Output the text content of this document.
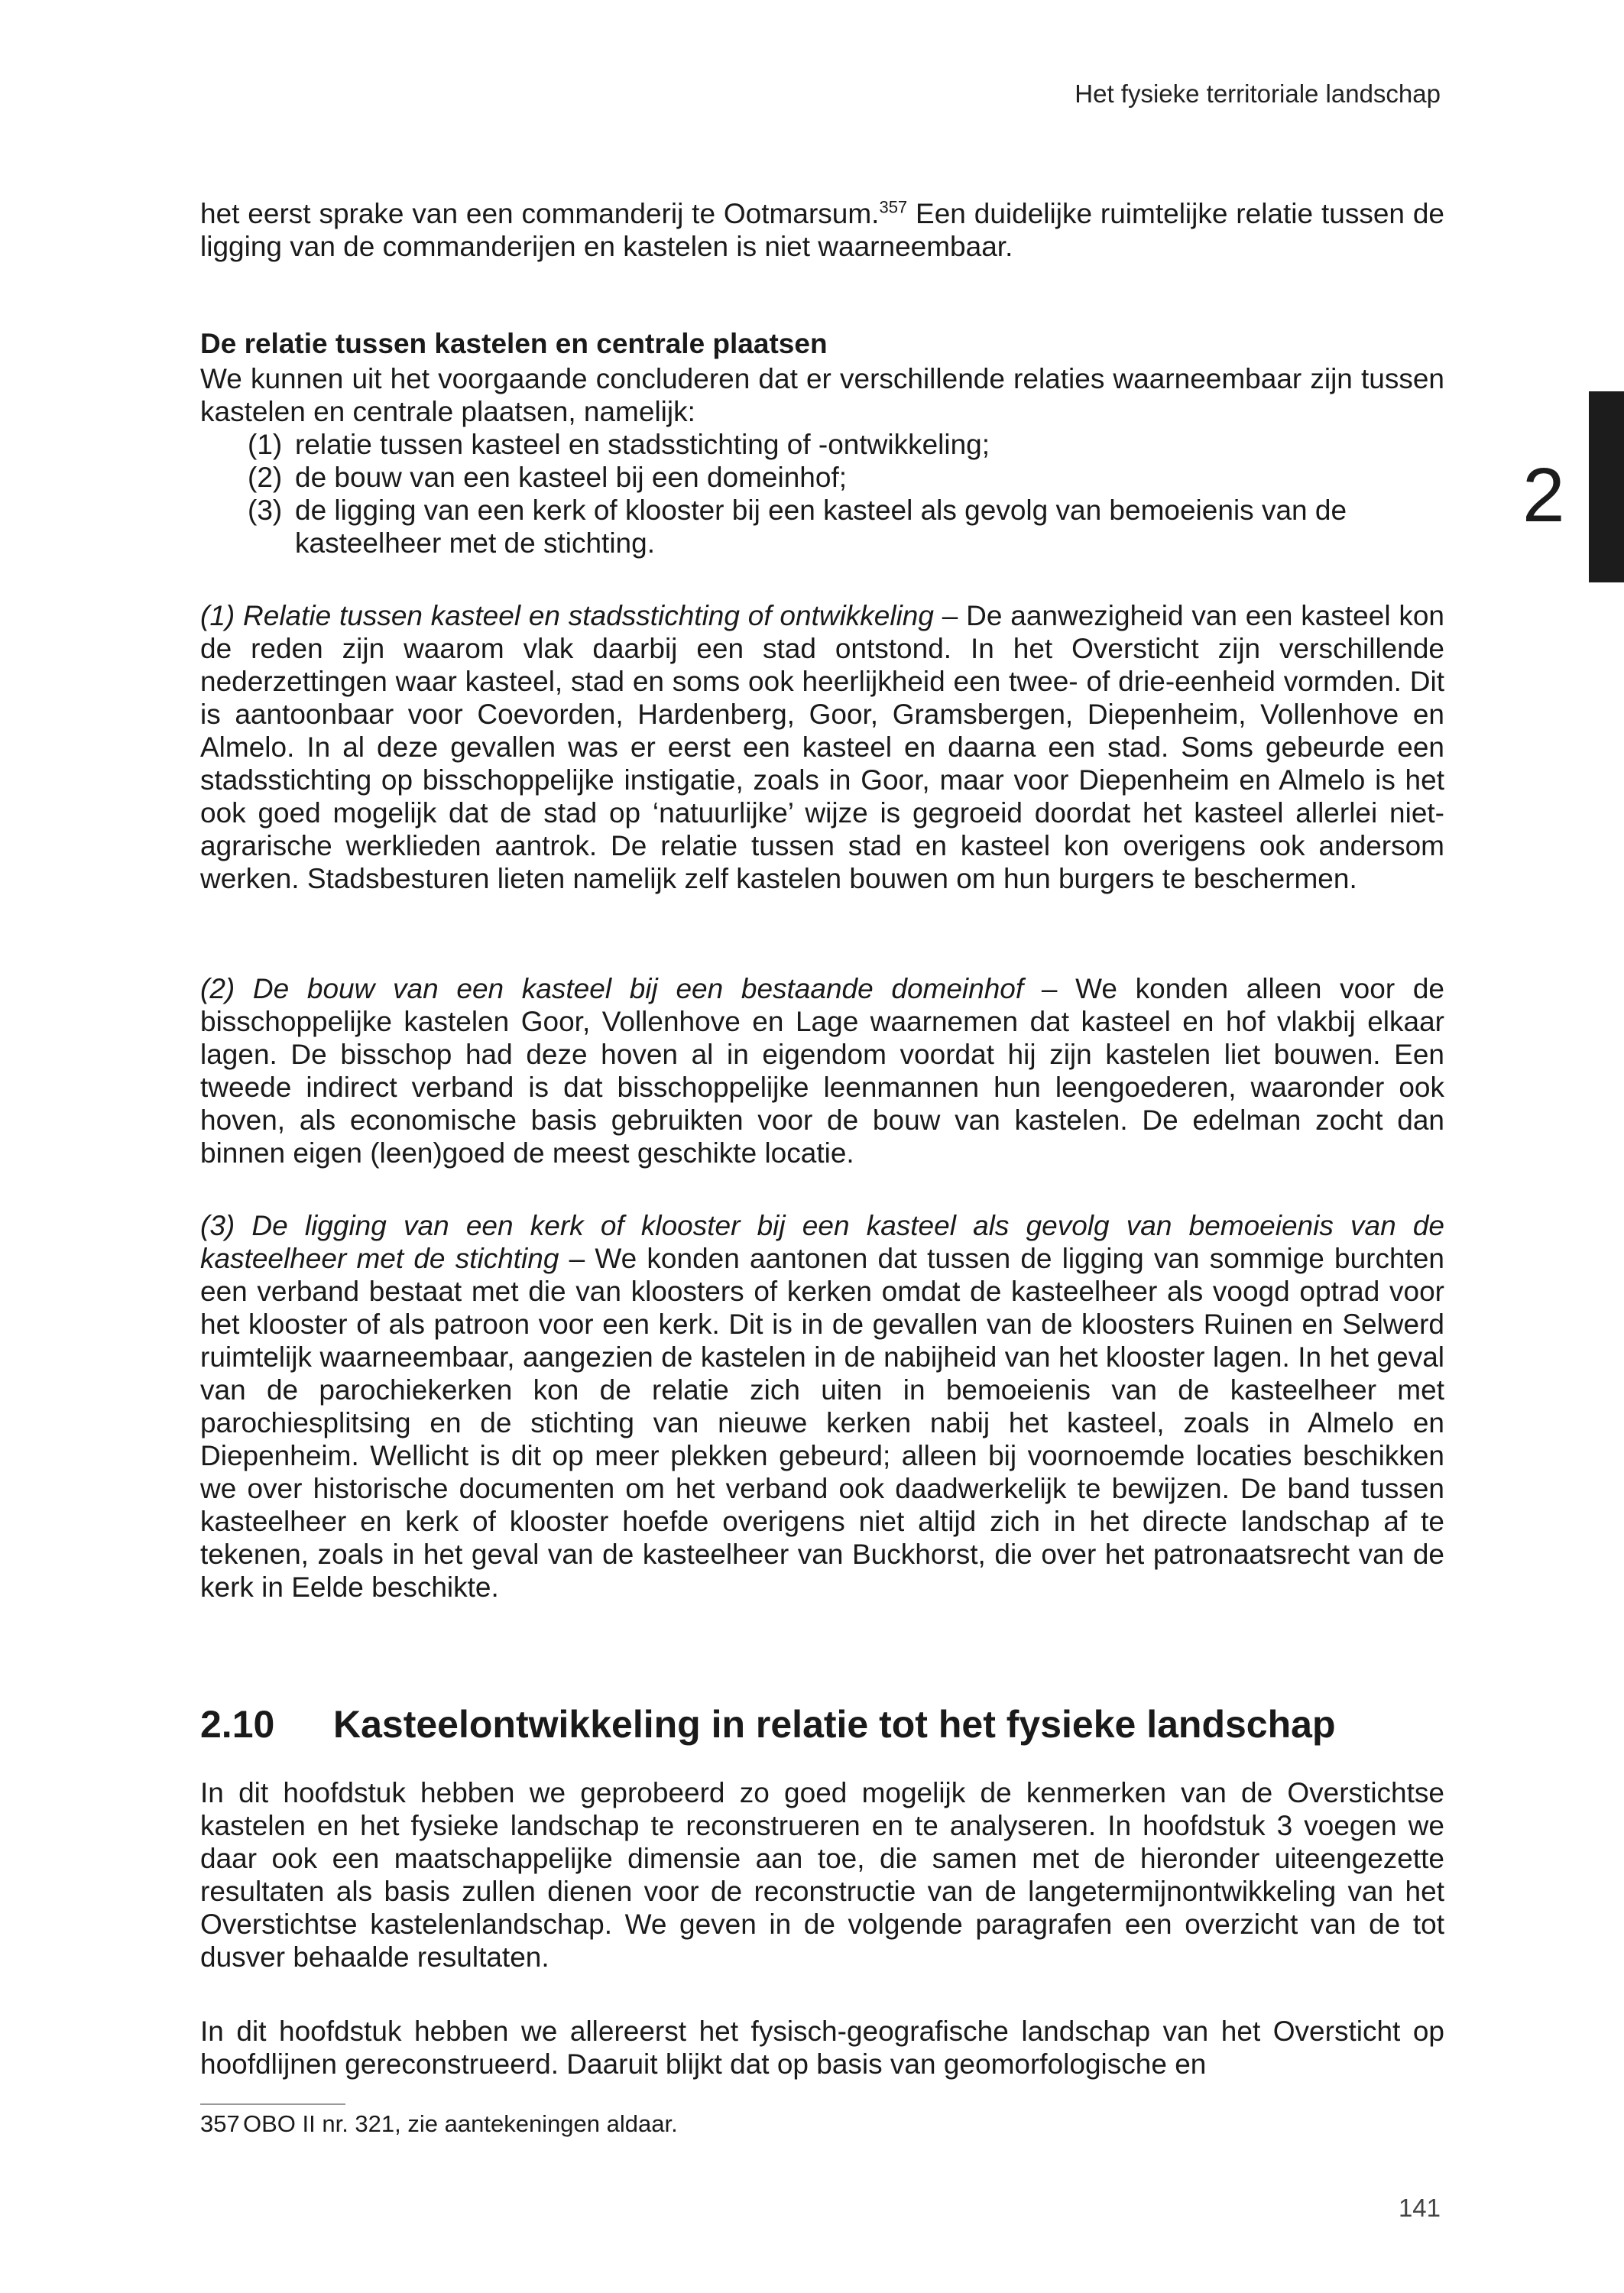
Het fysieke territoriale landschap
2
het eerst sprake van een commanderij te Ootmarsum.$^{357}$ Een duidelijke ruimtelijke relatie tussen de ligging van de commanderijen en kastelen is niet waarneembaar.
De relatie tussen kastelen en centrale plaatsen
We kunnen uit het voorgaande concluderen dat er verschillende relaties waarneembaar zijn tussen kastelen en centrale plaatsen, namelijk:
(1) relatie tussen kasteel en stadsstichting of -ontwikkeling;
(2) de bouw van een kasteel bij een domeinhof;
(3) de ligging van een kerk of klooster bij een kasteel als gevolg van bemoeienis van de kasteelheer met de stichting.
(1) Relatie tussen kasteel en stadsstichting of ontwikkeling – De aanwezigheid van een kasteel kon de reden zijn waarom vlak daarbij een stad ontstond. In het Oversticht zijn verschillende nederzettingen waar kasteel, stad en soms ook heerlijkheid een twee- of drie-eenheid vormden. Dit is aantoonbaar voor Coevorden, Hardenberg, Goor, Gramsbergen, Diepenheim, Vollenhove en Almelo. In al deze gevallen was er eerst een kasteel en daarna een stad. Soms gebeurde een stadsstichting op bisschoppelijke instigatie, zoals in Goor, maar voor Diepenheim en Almelo is het ook goed mogelijk dat de stad op ‘natuurlijke’ wijze is gegroeid doordat het kasteel allerlei niet-agrarische werklieden aantrok. De relatie tussen stad en kasteel kon overigens ook andersom werken. Stadsbesturen lieten namelijk zelf kastelen bouwen om hun burgers te beschermen.
(2) De bouw van een kasteel bij een bestaande domeinhof – We konden alleen voor de bisschoppelijke kastelen Goor, Vollenhove en Lage waarnemen dat kasteel en hof vlakbij elkaar lagen. De bisschop had deze hoven al in eigendom voordat hij zijn kastelen liet bouwen. Een tweede indirect verband is dat bisschoppelijke leenmannen hun leengoederen, waaronder ook hoven, als economische basis gebruikten voor de bouw van kastelen. De edelman zocht dan binnen eigen (leen)goed de meest geschikte locatie.
(3) De ligging van een kerk of klooster bij een kasteel als gevolg van bemoeienis van de kasteelheer met de stichting – We konden aantonen dat tussen de ligging van sommige burchten een verband bestaat met die van kloosters of kerken omdat de kasteelheer als voogd optrad voor het klooster of als patroon voor een kerk. Dit is in de gevallen van de kloosters Ruinen en Selwerd ruimtelijk waarneembaar, aangezien de kastelen in de nabijheid van het klooster lagen. In het geval van de parochiekerken kon de relatie zich uiten in bemoeienis van de kasteelheer met parochiesplitsing en de stichting van nieuwe kerken nabij het kasteel, zoals in Almelo en Diepenheim. Wellicht is dit op meer plekken gebeurd; alleen bij voornoemde locaties beschikken we over historische documenten om het verband ook daadwerkelijk te bewijzen. De band tussen kasteelheer en kerk of klooster hoefde overigens niet altijd zich in het directe landschap af te tekenen, zoals in het geval van de kasteelheer van Buckhorst, die over het patronaatsrecht van de kerk in Eelde beschikte.
2.10 Kasteelontwikkeling in relatie tot het fysieke landschap
In dit hoofdstuk hebben we geprobeerd zo goed mogelijk de kenmerken van de Overstichtse kastelen en het fysieke landschap te reconstrueren en te analyseren. In hoofdstuk 3 voegen we daar ook een maatschappelijke dimensie aan toe, die samen met de hieronder uiteengezette resultaten als basis zullen dienen voor de reconstructie van de langetermijnontwikkeling van het Overstichtse kastelenlandschap. We geven in de volgende paragrafen een overzicht van de tot dusver behaalde resultaten.
In dit hoofdstuk hebben we allereerst het fysisch-geografische landschap van het Oversticht op hoofdlijnen gereconstrueerd. Daaruit blijkt dat op basis van geomorfologische en
357 OBO II nr. 321, zie aantekeningen aldaar.
141
